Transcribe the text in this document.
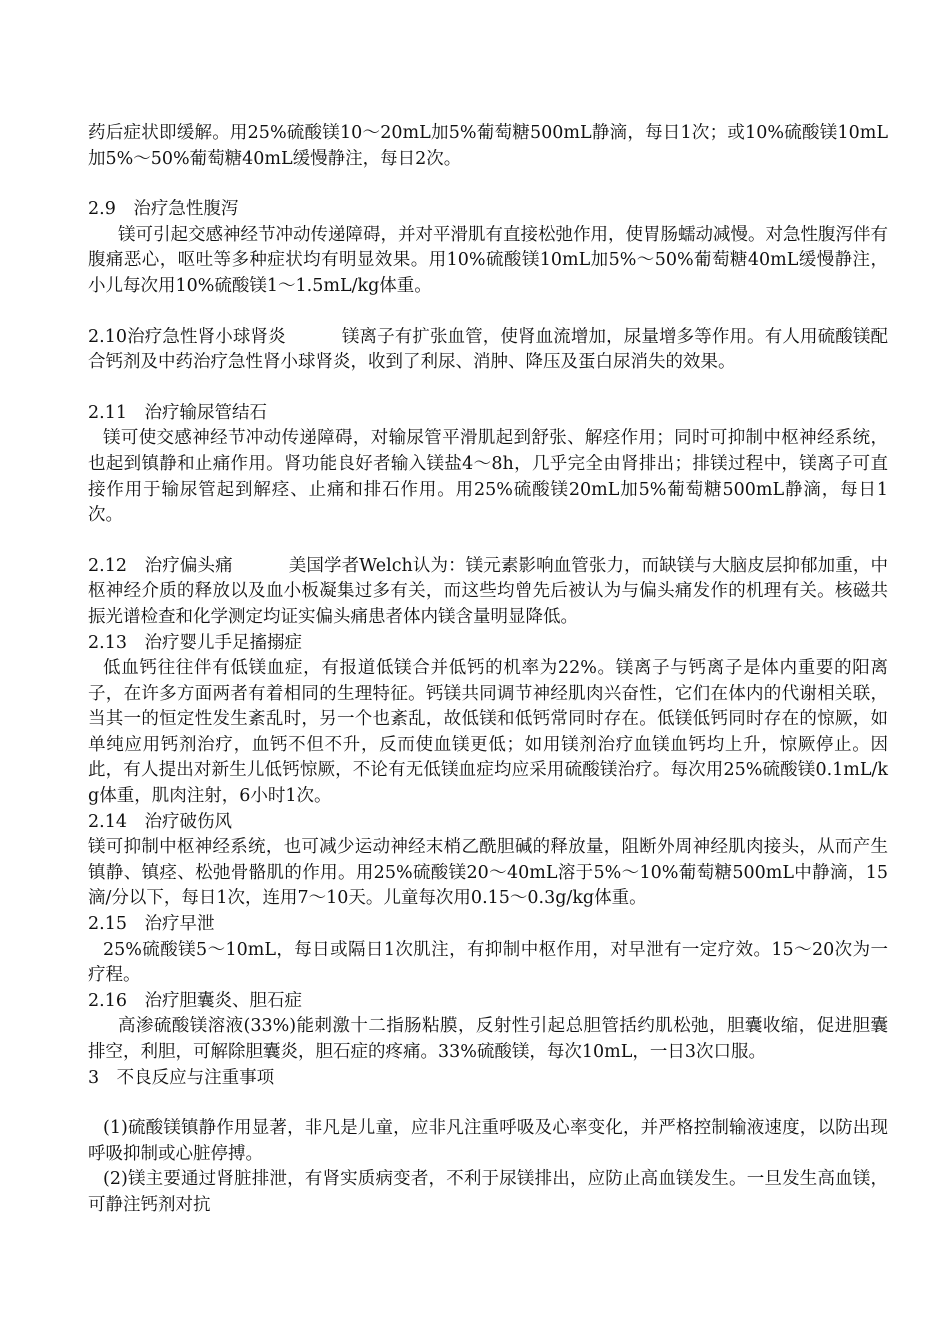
药后症状即缓解。用25%硫酸镁10～20mL加5%葡萄糖500mL静滴，每日1次；或10%硫酸镁10mL加5%～50%葡萄糖40mL缓慢静注，每日2次。

2.9　治疗急性腹泻

镁可引起交感神经节冲动传递障碍，并对平滑肌有直接松弛作用，使胃肠蠕动减慢。对急性腹泻伴有腹痛恶心，呕吐等多种症状均有明显效果。用10%硫酸镁10mL加5%～50%葡萄糖40mL缓慢静注，小儿每次用10%硫酸镁1～1.5mL/kg体重。

2.10治疗急性肾小球肾炎	镁离子有扩张血管，使肾血流增加，尿量增多等作用。有人用硫酸镁配合钙剂及中药治疗急性肾小球肾炎，收到了利尿、消肿、降压及蛋白尿消失的效果。

2.11　治疗输尿管结石

镁可使交感神经节冲动传递障碍，对输尿管平滑肌起到舒张、解痉作用；同时可抑制中枢神经系统，也起到镇静和止痛作用。肾功能良好者输入镁盐4～8h，几乎完全由肾排出；排镁过程中，镁离子可直接作用于输尿管起到解痉、止痛和排石作用。用25%硫酸镁20mL加5%葡萄糖500mL静滴，每日1次。

2.12　治疗偏头痛	美国学者Welch认为：镁元素影响血管张力，而缺镁与大脑皮层抑郁加重，中枢神经介质的释放以及血小板凝集过多有关，而这些均曾先后被认为与偏头痛发作的机理有关。核磁共振光谱检查和化学测定均证实偏头痛患者体内镁含量明显降低。

2.13　治疗婴儿手足搐搦症

低血钙往往伴有低镁血症，有报道低镁合并低钙的机率为22%。镁离子与钙离子是体内重要的阳离子，在许多方面两者有着相同的生理特征。钙镁共同调节神经肌肉兴奋性，它们在体内的代谢相关联，当其一的恒定性发生紊乱时，另一个也紊乱，故低镁和低钙常同时存在。低镁低钙同时存在的惊厥，如单纯应用钙剂治疗，血钙不但不升，反而使血镁更低；如用镁剂治疗血镁血钙均上升，惊厥停止。因此，有人提出对新生儿低钙惊厥，不论有无低镁血症均应采用硫酸镁治疗。每次用25%硫酸镁0.1mL/kg体重，肌肉注射，6小时1次。

2.14　治疗破伤风

镁可抑制中枢神经系统，也可减少运动神经末梢乙酰胆碱的释放量，阻断外周神经肌肉接头，从而产生镇静、镇痉、松弛骨骼肌的作用。用25%硫酸镁20～40mL溶于5%～10%葡萄糖500mL中静滴，15滴/分以下，每日1次，连用7～10天。儿童每次用0.15～0.3g/kg体重。

2.15　治疗早泄

25%硫酸镁5～10mL，每日或隔日1次肌注，有抑制中枢作用，对早泄有一定疗效。15～20次为一疗程。

2.16　治疗胆囊炎、胆石症

高渗硫酸镁溶液(33%)能刺激十二指肠粘膜，反射性引起总胆管括约肌松弛，胆囊收缩，促进胆囊排空，利胆，可解除胆囊炎，胆石症的疼痛。33%硫酸镁，每次10mL，一日3次口服。

3　不良反应与注重事项

(1)硫酸镁镇静作用显著，非凡是儿童，应非凡注重呼吸及心率变化，并严格控制输液速度，以防出现呼吸抑制或心脏停搏。

(2)镁主要通过肾脏排泄，有肾实质病变者，不利于尿镁排出，应防止高血镁发生。一旦发生高血镁，可静注钙剂对抗
